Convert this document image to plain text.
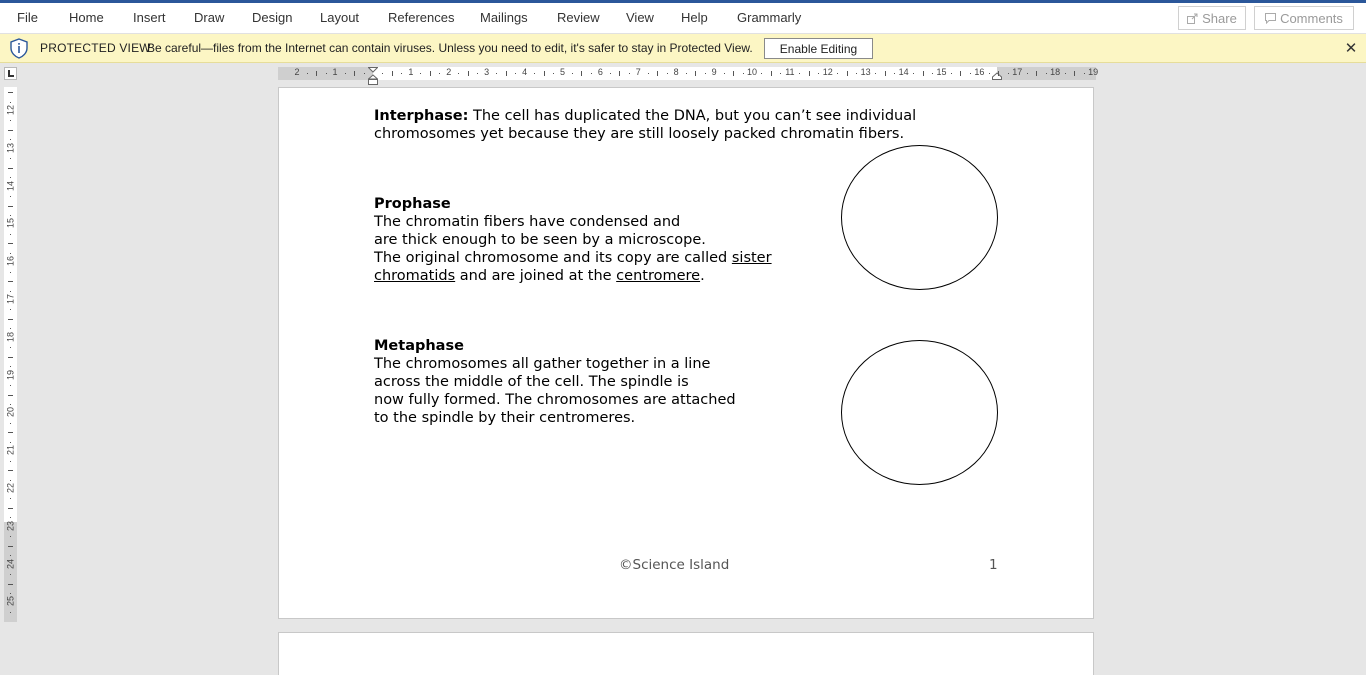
File Home Insert Draw Design Layout References Mailings Review View Help Grammarly	Share	Comments
PROTECTED VIEW
Be careful—files from the Internet can contain viruses. Unless you need to edit, it's safer to stay in Protected View.	Enable Editing	✕
2	1	1	2	3	4	5	6	7	8	9	10	11	12	13	14	15	16	17	18	19
12
13
14
15
16
17
18
19
20
21
22
23
24
25
Interphase: The cell has duplicated the DNA, but you can’t see individual
chromosomes yet because they are still loosely packed chromatin fibers.
Prophase
The chromatin fibers have condensed and
are thick enough to be seen by a microscope.
The original chromosome and its copy are called sister
chromatids and are joined at the centromere.
Metaphase
The chromosomes all gather together in a line
across the middle of the cell. The spindle is
now fully formed. The chromosomes are attached
to the spindle by their centromeres.
©Science Island	1
